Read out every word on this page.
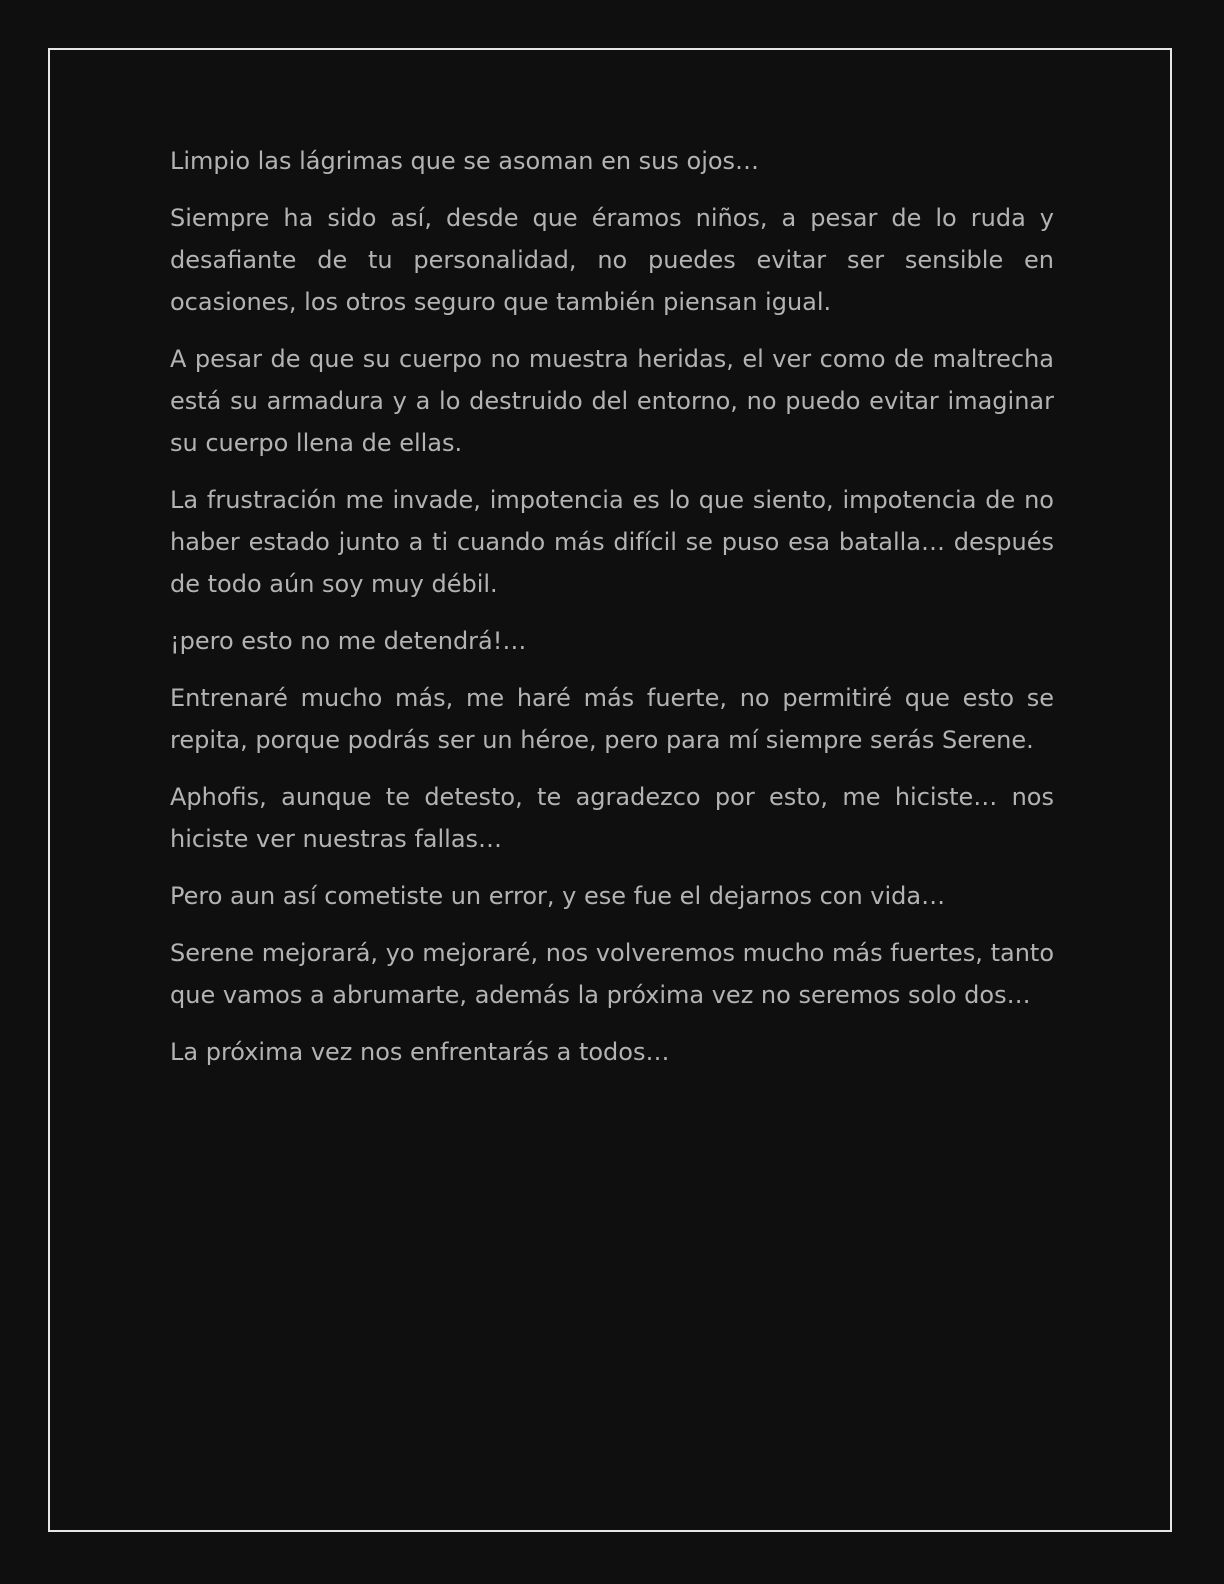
Limpio las lágrimas que se asoman en sus ojos…

Siempre ha sido así, desde que éramos niños, a pesar de lo ruda y desafiante de tu personalidad, no puedes evitar ser sensible en ocasiones, los otros seguro que también piensan igual.

A pesar de que su cuerpo no muestra heridas, el ver como de maltrecha está su armadura y a lo destruido del entorno, no puedo evitar imaginar su cuerpo llena de ellas.

La frustración me invade, impotencia es lo que siento, impotencia de no haber estado junto a ti cuando más difícil se puso esa batalla… después de todo aún soy muy débil.

¡pero esto no me detendrá!…

Entrenaré mucho más, me haré más fuerte, no permitiré que esto se repita, porque podrás ser un héroe, pero para mí siempre serás Serene.

Aphofis, aunque te detesto, te agradezco por esto, me hiciste… nos hiciste ver nuestras fallas…

Pero aun así cometiste un error, y ese fue el dejarnos con vida…

Serene mejorará, yo mejoraré, nos volveremos mucho más fuertes, tanto que vamos a abrumarte, además la próxima vez no seremos solo dos…

La próxima vez nos enfrentarás a todos…
